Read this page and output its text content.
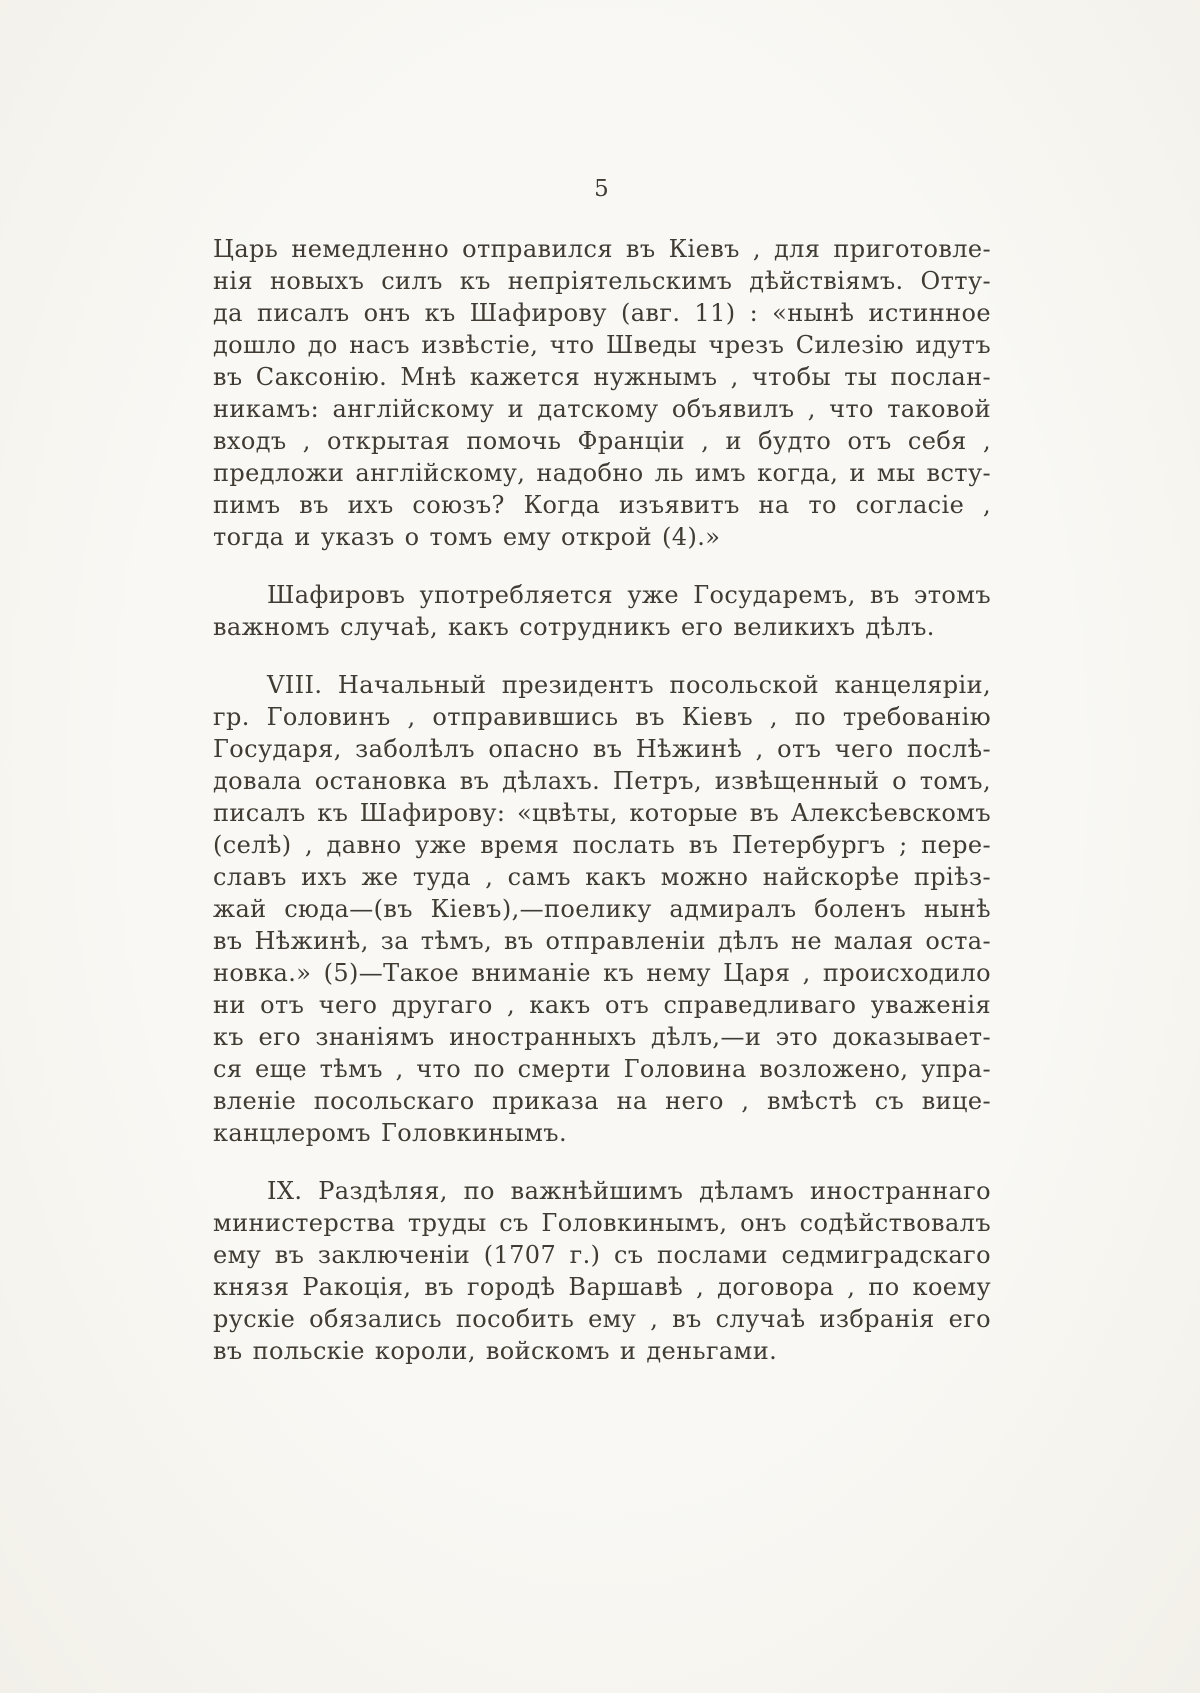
5
Царь немедленно отправился въ Кіевъ , для приготовле-
нія новыхъ силъ къ непріятельскимъ дѣйствіямъ. Отту-
да писалъ онъ къ Шафирову (авг. 11) : «нынѣ истинное
дошло до насъ извѣстіе, что Шведы чрезъ Силезію идутъ
въ Саксонію. Мнѣ кажется нужнымъ , чтобы ты послан-
никамъ: англійскому и датскому объявилъ , что таковой
входъ , открытая помочь Франціи , и будто отъ себя ,
предложи англійскому, надобно ль имъ когда, и мы всту-
пимъ въ ихъ союзъ? Когда изъявитъ на то согласіе ,
тогда и указъ о томъ ему открой (4).»
Шафировъ употребляется уже Государемъ, въ этомъ
важномъ случаѣ, какъ сотрудникъ его великихъ дѣлъ.
VIII. Начальный президентъ посольской канцеляріи,
гр. Головинъ , отправившись въ Кіевъ , по требованію
Государя, заболѣлъ опасно въ Нѣжинѣ , отъ чего послѣ-
довала остановка въ дѣлахъ. Петръ, извѣщенный о томъ,
писалъ къ Шафирову: «цвѣты, которые въ Алексѣевскомъ
(селѣ) , давно уже время послать въ Петербургъ ; пере-
славъ ихъ же туда , самъ какъ можно найскорѣе пріѣз-
жай сюда—(въ Кіевъ),—поелику адмиралъ боленъ нынѣ
въ Нѣжинѣ, за тѣмъ, въ отправленіи дѣлъ не малая оста-
новка.» (5)—Такое вниманіе къ нему Царя , происходило
ни отъ чего другаго , какъ отъ справедливаго уваженія
къ его знаніямъ иностранныхъ дѣлъ,—и это доказывает-
ся еще тѣмъ , что по смерти Головина возложено, упра-
вленіе посольскаго приказа на него , вмѣстѣ съ вице-
канцлеромъ Головкинымъ.
IX. Раздѣляя, по важнѣйшимъ дѣламъ иностраннаго
министерства труды съ Головкинымъ, онъ содѣйствовалъ
ему въ заключеніи (1707 г.) съ послами седмиградскаго
князя Ракоція, въ городѣ Варшавѣ , договора , по коему
рускіе обязались пособить ему , въ случаѣ избранія его
въ польскіе короли, войскомъ и деньгами.
